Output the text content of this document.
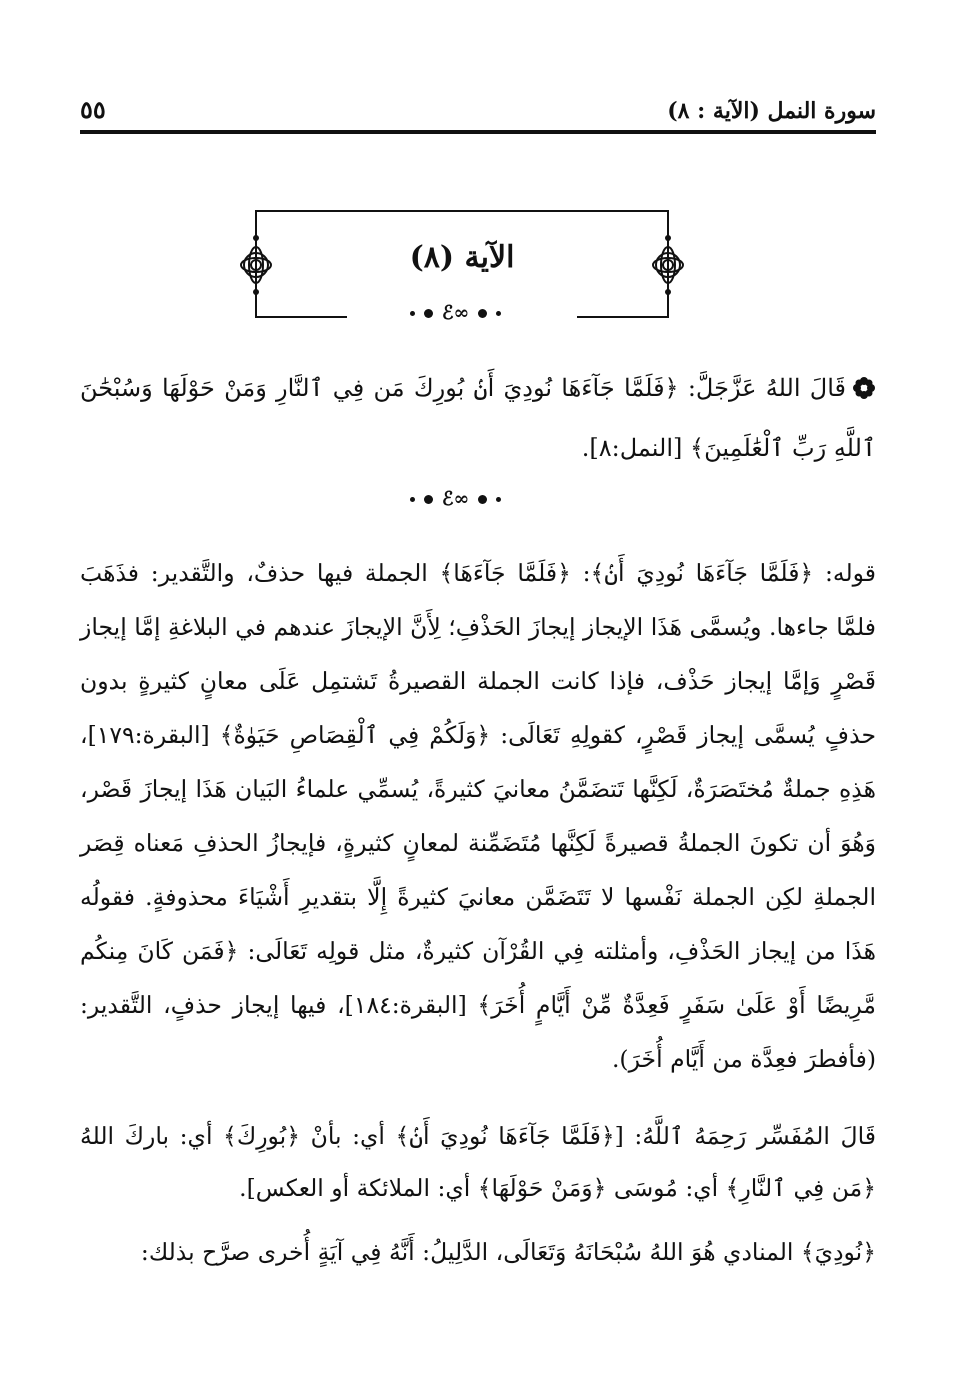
سورة النمل (الآية : ٨)
٥٥
الآية (٨)
ℰ∞
قَالَ اللهُ عَزَّجَلَّ: ﴿فَلَمَّا جَآءَهَا نُودِيَ أَنۢ بُورِكَ مَن فِي ٱلنَّارِ وَمَنْ حَوْلَهَا وَسُبْحَٰنَ ٱللَّهِ رَبِّ ٱلْعَٰلَمِينَ﴾ [النمل:٨].
ℰ∞

قوله: ﴿فَلَمَّا جَآءَهَا نُودِيَ أَنۢ﴾: ﴿فَلَمَّا جَآءَهَا﴾ الجملة فيها حذفٌ، والتَّقدير: فذَهَبَ فلمَّا جاءها. ويُسمَّى هَذَا الإيجاز إيجازَ الحَذْفِ؛ لِأَنَّ الإيجازَ عندهم في البلاغةِ إمَّا إيجاز قَصْرٍ وَإمَّا إيجاز حَذْف، فإذا كانت الجملة القصيرةُ تَشتمِل عَلَى معانٍ كثيرةٍ بدون حذفٍ يُسمَّى إيجاز قَصْرٍ، كقولِهِ تَعَالَى: ﴿وَلَكُمْ فِي ٱلْقِصَاصِ حَيَوٰةٌ﴾ [البقرة:١٧٩]، هَذِهِ جملةٌ مُختَصَرَةٌ، لَكِنَّها تَتضَمَّنُ معانيَ كثيرةً، يُسمِّي علماءُ البَيان هَذَا إيجازَ قَصْر، وَهُوَ أن تكونَ الجملةُ قصيرةً لَكِنَّها مُتَضَمِّنة لمعانٍ كثيرةٍ، فإيجازُ الحذفِ مَعناه قِصَر الجملةِ لكِن الجملة نَفْسها لا تَتَضَمَّن معانيَ كثيرةً إِلَّا بتقديرِ أَشْيَاءَ محذوفةٍ. فقولُه هَذَا من إيجاز الحَذْفِ، وأمثلته فِي القُرْآن كثيرةٌ، مثل قولِه تَعَالَى: ﴿فَمَن كَانَ مِنكُم مَّرِيضًا أَوْ عَلَىٰ سَفَرٍ فَعِدَّةٌ مِّنْ أَيَّامٍ أُخَرَ﴾ [البقرة:١٨٤]، فيها إيجاز حذفٍ، التَّقدير: (فأفطرَ فعِدَّة من أَيَّام أُخَرَ).

قَالَ المُفَسِّر رَحِمَهُ ٱللَّهُ: [﴿فَلَمَّا جَآءَهَا نُودِيَ أَنۢ﴾ أي: بأنْ ﴿بُورِكَ﴾ أي: باركَ اللهُ ﴿مَن فِي ٱلنَّارِ﴾ أي: مُوسَى ﴿وَمَنْ حَوْلَهَا﴾ أي: الملائكة أو العكس].

﴿نُودِيَ﴾ المنادي هُوَ اللهُ سُبْحَانَهُ وَتَعَالَى، الدَّلِيلُ: أَنَّهُ فِي آيَةٍ أُخرى صرَّح بذلك:
